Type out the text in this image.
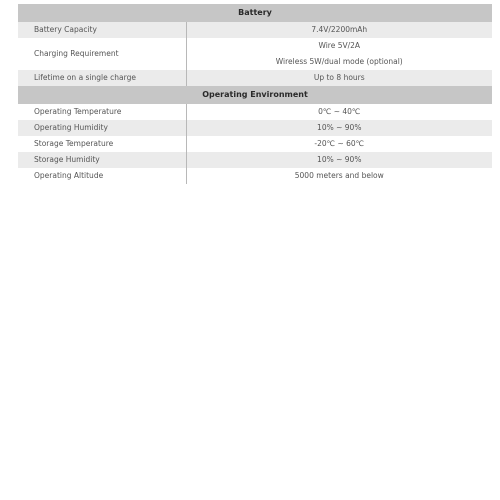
Battery	
Battery Capacity	7.4V/2200mAh
Charging Requirement	Wire 5V/2A
Wireless 5W/dual mode (optional)

Lifetime on a single charge	Up to 8 hours
Operating Environment	
Operating Temperature	0℃ ~ 40℃
Operating Humidity	10% ~ 90%
Storage Temperature	-20℃ ~ 60℃
Storage Humidity	10% ~ 90%
Operating Altitude	5000 meters and below
